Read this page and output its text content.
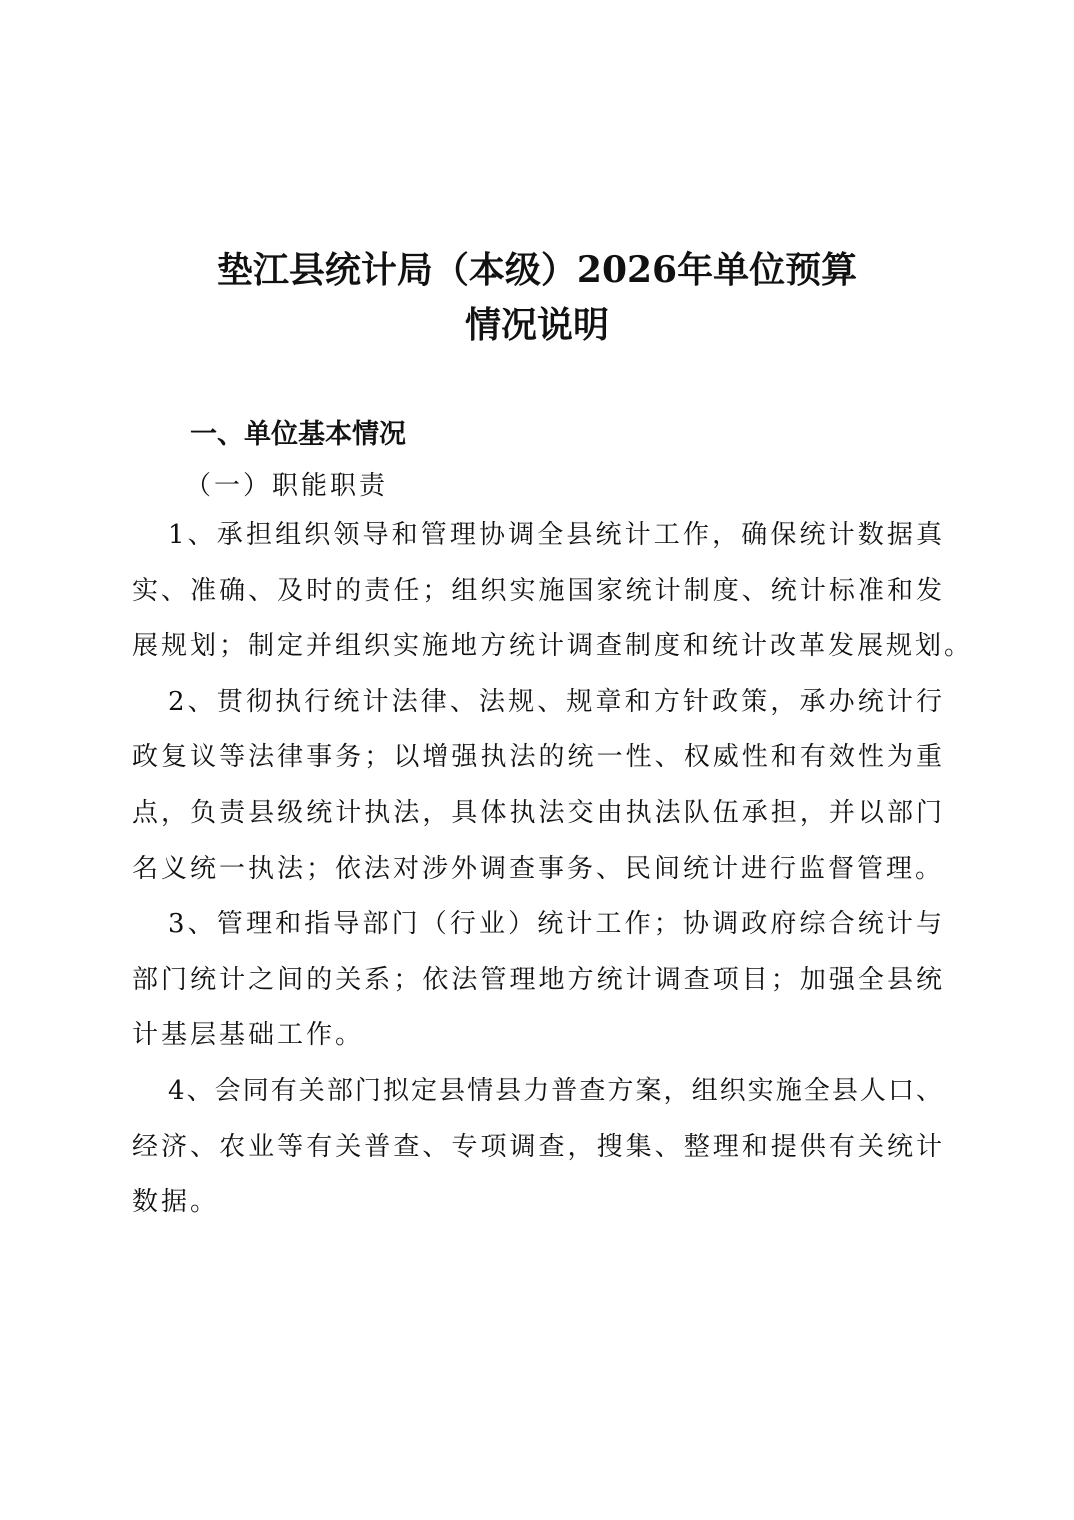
垫江县统计局（本级）2026年单位预算
情况说明
一、单位基本情况
（一）职能职责
1、承担组织领导和管理协调全县统计工作，确保统计数据真
实、准确、及时的责任；组织实施国家统计制度、统计标准和发
展规划；制定并组织实施地方统计调查制度和统计改革发展规划。
2、贯彻执行统计法律、法规、规章和方针政策，承办统计行
政复议等法律事务；以增强执法的统一性、权威性和有效性为重
点，负责县级统计执法，具体执法交由执法队伍承担，并以部门
名义统一执法；依法对涉外调查事务、民间统计进行监督管理。
3、管理和指导部门（行业）统计工作；协调政府综合统计与
部门统计之间的关系；依法管理地方统计调查项目；加强全县统
计基层基础工作。
4、会同有关部门拟定县情县力普查方案，组织实施全县人口、
经济、农业等有关普查、专项调查，搜集、整理和提供有关统计
数据。
